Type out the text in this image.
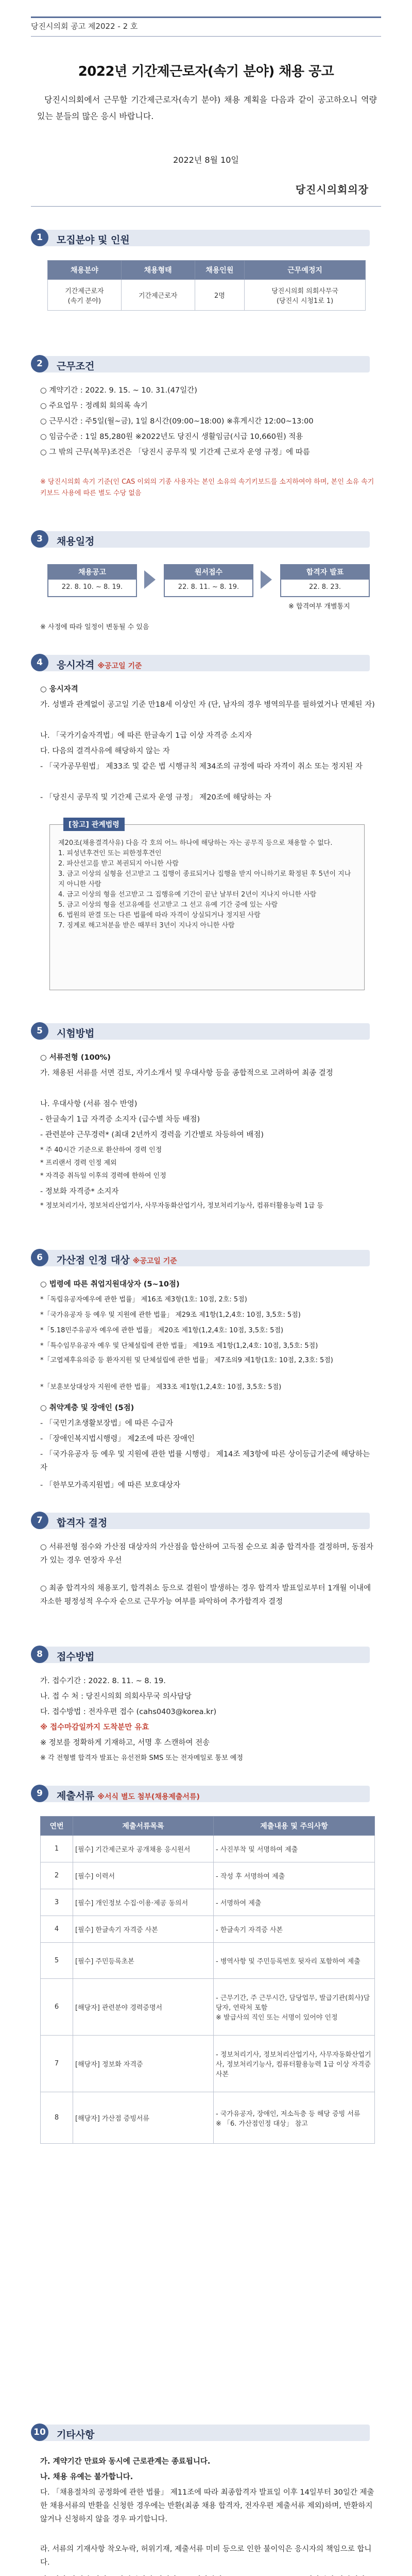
당진시의회 공고 제2022 - 2 호
2022년 기간제근로자(속기 분야) 채용 공고
당진시의회에서 근무할 기간제근로자(속기 분야) 채용 계획을 다음과 같이 공고하오니 역량 있는 분들의 많은 응시 바랍니다.
2022년 8월 10일
당진시의회의장
1	모집분야 및 인원
채용분야	채용형태	채용인원	근무예정지
기간제근로자
(속기 분야)	기간제근로자	2명	당진시의회 의회사무국
(당진시 시청1로 1)
2	근무조건
○ 계약기간 : 2022. 9. 15. ~ 10. 31.(47일간)
○ 주요업무 : 정례회 회의록 속기
○ 근무시간 : 주5일(월~금), 1일 8시간(09:00~18:00) ※휴게시간 12:00~13:00
○ 임금수준 : 1일 85,280원 ※2022년도 당진시 생활임금(시급 10,660원) 적용
○ 그 밖의 근무(복무)조건은 「당진시 공무직 및 기간제 근로자 운영 규정」에 따름
※ 당진시의회 속기 기준(인 CAS 이외의 기종 사용자는 본인 소유의 속기키보드를 소지하여야 하며, 본인 소유 속기키보드 사용에 따른 별도 수당 없음
3	채용일정
채용공고
22. 8. 10. ~ 8. 19.
원서접수
22. 8. 11. ~ 8. 19.
합격자 발표
22. 8. 23.
※ 합격여부 개별통지
※ 사정에 따라 일정이 변동될 수 있음
4	응시자격 ※공고일 기준
○ 응시자격
가. 성별과 관계없이 공고일 기준 만18세 이상인 자 (단, 남자의 경우 병역의무를 필하였거나 면제된 자)
나. 「국가기술자격법」에 따른 한글속기 1급 이상 자격증 소지자
다. 다음의 결격사유에 해당하지 않는 자
- 「국가공무원법」 제33조 및 같은 법 시행규칙 제34조의 규정에 따라 자격이 취소 또는 정지된 자
- 「당진시 공무직 및 기간제 근로자 운영 규정」 제20조에 해당하는 자
[참고] 관계법령
제20조(채용결격사유) 다음 각 호의 어느 하나에 해당하는 자는 공무직 등으로 채용할 수 없다.
1. 피성년후견인 또는 피한정후견인
2. 파산선고를 받고 복권되지 아니한 사람
3. 금고 이상의 실형을 선고받고 그 집행이 종료되거나 집행을 받지 아니하기로 확정된 후 5년이 지나지 아니한 사람
4. 금고 이상의 형을 선고받고 그 집행유예 기간이 끝난 날부터 2년이 지나지 아니한 사람
5. 금고 이상의 형을 선고유예를 선고받고 그 선고 유예 기간 중에 있는 사람
6. 법원의 판결 또는 다른 법률에 따라 자격이 상실되거나 정지된 사람
7. 징계로 해고처분을 받은 때부터 3년이 지나지 아니한 사람
5	시험방법
○ 서류전형 (100%)
가. 채용된 서류를 서면 검토, 자기소개서 및 우대사항 등을 종합적으로 고려하여 최종 결정
나. 우대사항 (서류 점수 반영)
- 한글속기 1급 자격증 소지자 (급수별 차등 배점)
- 관련분야 근무경력* (최대 2년까지 경력을 기간별로 차등하여 배점)
* 주 40시간 기준으로 환산하여 경력 인정
* 프리랜서 경력 인정 제외
* 자격증 취득일 이후의 경력에 한하여 인정
- 정보화 자격증* 소지자
* 정보처리기사, 정보처리산업기사, 사무자동화산업기사, 정보처리기능사, 컴퓨터활용능력 1급 등
6	가산점 인정 대상 ※공고일 기준
○ 법령에 따른 취업지원대상자 (5~10점)
*「독립유공자예우에 관한 법률」 제16조 제3항(1호: 10점, 2호: 5점)
*「국가유공자 등 예우 및 지원에 관한 법률」 제29조 제1항(1,2,4호: 10점, 3,5호: 5점)
*「5.18민주유공자 예우에 관한 법률」 제20조 제1항(1,2,4호: 10점, 3,5호: 5점)
*「특수임무유공자 예우 및 단체설립에 관한 법률」 제19조 제1항(1,2,4호: 10점, 3,5호: 5점)
*「고엽제후유의증 등 환자지원 및 단체설립에 관한 법률」 제7조의9 제1항(1호: 10점, 2,3호: 5점)
*「보훈보상대상자 지원에 관한 법률」 제33조 제1항(1,2,4호: 10점, 3,5호: 5점)
○ 취약계층 및 장애인 (5점)
- 「국민기초생활보장법」에 따른 수급자
- 「장애인복지법시행령」 제2조에 따른 장애인
- 「국가유공자 등 예우 및 지원에 관한 법률 시행령」 제14조 제3항에 따른 상이등급기준에 해당하는 자
- 「한부모가족지원법」에 따른 보호대상자
7	합격자 결정
○ 서류전형 점수와 가산점 대상자의 가산점을 합산하여 고득점 순으로 최종 합격자를 결정하며, 동점자가 있는 경우 연장자 우선
○ 최종 합격자의 채용포기, 합격취소 등으로 결원이 발생하는 경우 합격자 발표일로부터 1개월 이내에 자소한 평정성적 우수자 순으로 근무가능 여부를 파악하여 추가합격자 결정
8	접수방법
가. 접수기간 : 2022. 8. 11. ~ 8. 19.
나. 접 수 처 : 당진시의회 의회사무국 의사담당
다. 접수방법 : 전자우편 접수 (cahs0403@korea.kr)
※ 접수마감일까지 도착분만 유효
※ 정보를 정확하게 기재하고, 서명 후 스캔하여 전송
※ 각 전형별 합격자 발표는 유선전화 SMS 또는 전자메일로 통보 예정
9	제출서류 ※서식 별도 첨부(채용제출서류)
연번	제출서류목록	제출내용 및 주의사항
1	[필수] 기간제근로자 공개채용 응시원서	- 사진부착 및 서명하여 제출
2	[필수] 이력서	- 작성 후 서명하여 제출
3	[필수] 개인정보 수집·이용·제공 동의서	- 서명하여 제출
4	[필수] 한글속기 자격증 사본	- 한글속기 자격증 사본
5	[필수] 주민등록초본	- 병역사항 및 주민등록번호 뒷자리 포함하여 제출
6	[해당자] 관련분야 경력증명서	- 근무기간, 주 근무시간, 담당업무, 발급기관(회사)담당자, 연락처 포함
※ 발급사의 직인 또는 서명이 있어야 인정
7	[해당자] 정보화 자격증	- 정보처리기사, 정보처리산업기사, 사무자동화산업기사, 정보처리기능사, 컴퓨터활용능력 1급 이상 자격증 사본
8	[해당자] 가산점 증빙서류	- 국가유공자, 장애인, 저소득층 등 해당 증빙 서류
※ 「6. 가산점인정 대상」 참고
10 기타사항
가. 계약기간 만료와 동시에 근로관계는 종료됩니다.
나. 채용 유예는 불가합니다.
다. 「채용절차의 공정화에 관한 법률」 제11조에 따라 최종합격자 발표일 이후 14일부터 30일간 제출한 채용서류의 반환을 신청한 경우에는 반환(최종 채용 합격자, 전자우편 제출서류 제외)하며, 반환하지 않거나 신청하지 않을 경우 파기합니다.
라. 서류의 기재사항 착오누락, 허위기재, 제출서류 미비 등으로 인한 불이익은 응시자의 책임으로 합니다.
